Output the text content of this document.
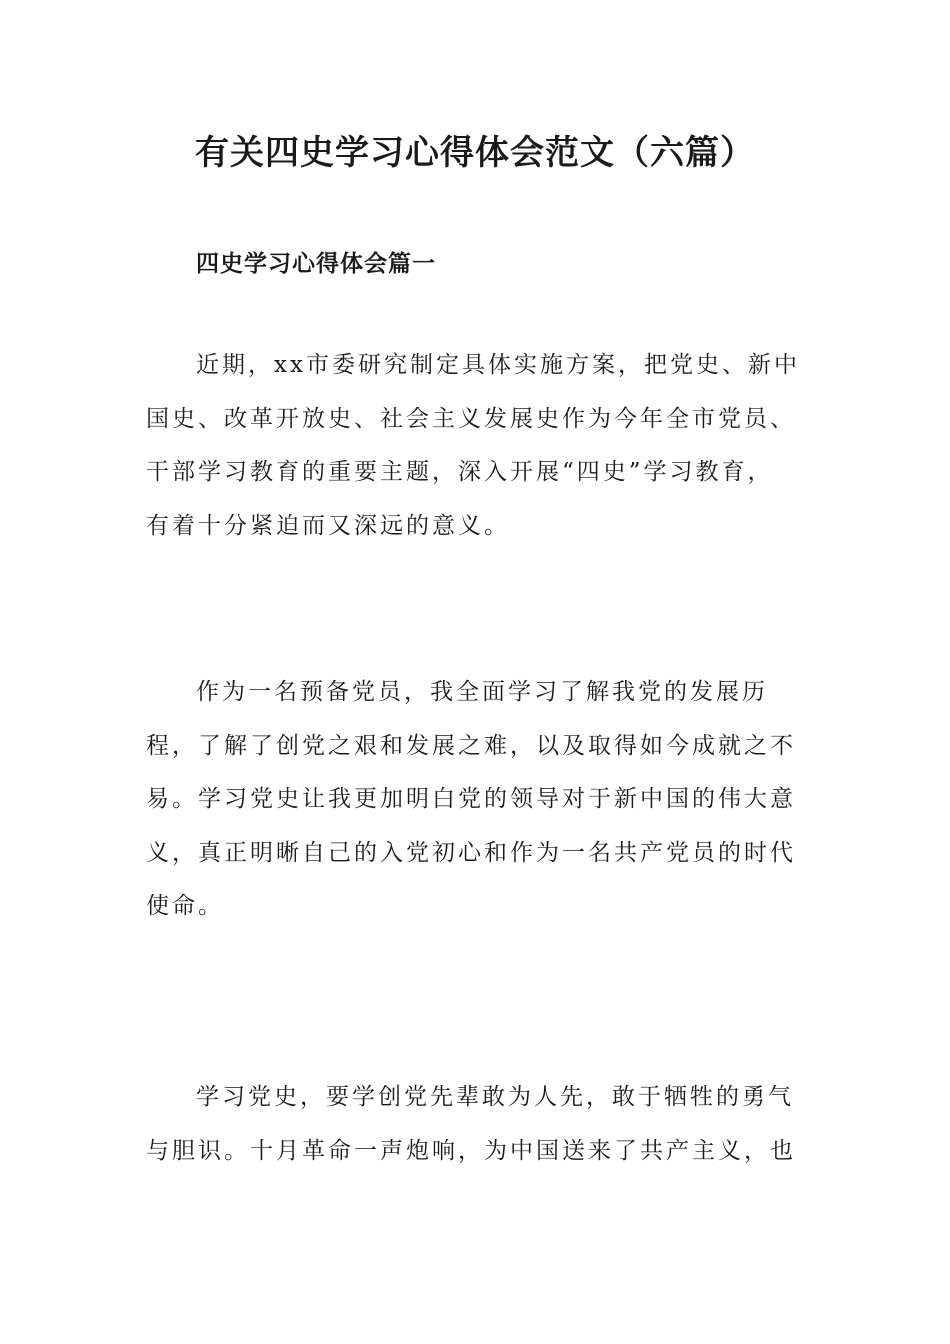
有关四史学习心得体会范文（六篇）
四史学习心得体会篇一

近期，xx市委研究制定具体实施方案，把党史、新中
国史、改革开放史、社会主义发展史作为今年全市党员、
干部学习教育的重要主题，深入开展“四史”学习教育，
有着十分紧迫而又深远的意义。

作为一名预备党员，我全面学习了解我党的发展历
程，了解了创党之艰和发展之难，以及取得如今成就之不
易。学习党史让我更加明白党的领导对于新中国的伟大意
义，真正明晰自己的入党初心和作为一名共产党员的时代
使命。

学习党史，要学创党先辈敢为人先，敢于牺牲的勇气
与胆识。十月革命一声炮响，为中国送来了共产主义，也
